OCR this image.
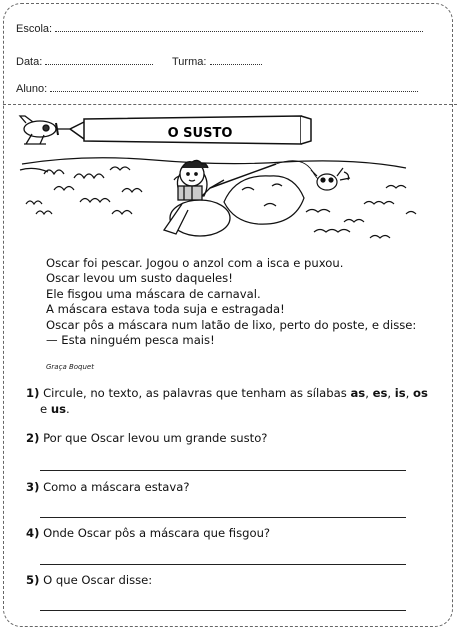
Escola:
Data:	Turma:
Aluno:
O SUSTO
Oscar foi pescar. Jogou o anzol com a isca e puxou.
Oscar levou um susto daqueles!
Ele fisgou uma máscara de carnaval.
A máscara estava toda suja e estragada!
Oscar pôs a máscara num latão de lixo, perto do poste, e disse:
— Esta ninguém pesca mais!
Graça Boquet
1) Circule, no texto, as palavras que tenham as sílabas as, es, is, os
e us.
2) Por que Oscar levou um grande susto?
3) Como a máscara estava?
4) Onde Oscar pôs a máscara que fisgou?
5) O que Oscar disse:
